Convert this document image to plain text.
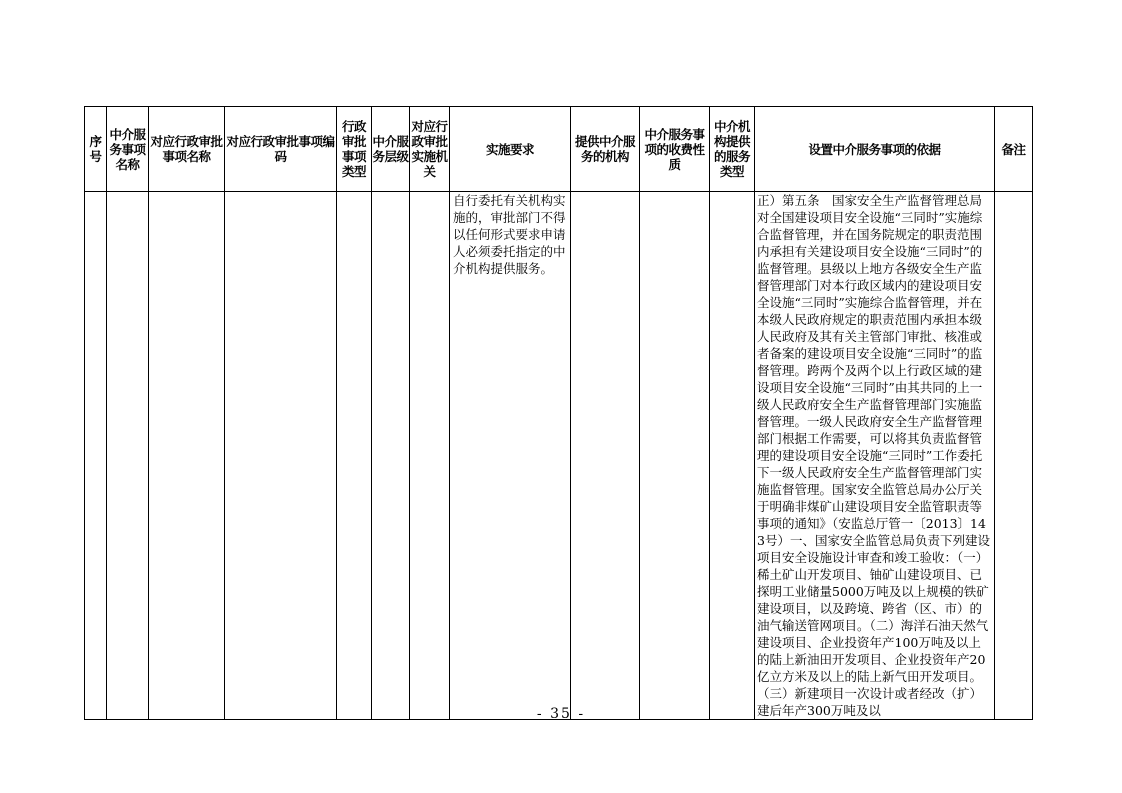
序号	中介服务事项名称	对应行政审批事项名称	对应行政审批事项编码	行政审批事项类型	中介服务层级	对应行政审批实施机关	实施要求	提供中介服务的机构	中介服务事项的收费性质	中介机构提供的服务类型	设置中介服务事项的依据	备注
							自行委托有关机构实施的，审批部门不得以任何形式要求申请人必须委托指定的中介机构提供服务。				正）第五条　国家安全生产监督管理总局对全国建设项目安全设施“三同时”实施综合监督管理，并在国务院规定的职责范围内承担有关建设项目安全设施“三同时”的监督管理。县级以上地方各级安全生产监督管理部门对本行政区域内的建设项目安全设施“三同时”实施综合监督管理，并在本级人民政府规定的职责范围内承担本级人民政府及其有关主管部门审批、核准或者备案的建设项目安全设施“三同时”的监督管理。跨两个及两个以上行政区域的建设项目安全设施“三同时”由其共同的上一级人民政府安全生产监督管理部门实施监督管理。一级人民政府安全生产监督管理部门根据工作需要，可以将其负责监督管理的建设项目安全设施“三同时”工作委托下一级人民政府安全生产监督管理部门实施监督管理。国家安全监管总局办公厅关于明确非煤矿山建设项目安全监管职责等事项的通知》（安监总厅管一〔2013〕143号）一、国家安全监管总局负责下列建设项目安全设施设计审查和竣工验收：（一）稀土矿山开发项目、铀矿山建设项目、已探明工业储量5000万吨及以上规模的铁矿建设项目，以及跨境、跨省（区、市）的油气输送管网项目。（二）海洋石油天然气建设项目、企业投资年产100万吨及以上的陆上新油田开发项目、企业投资年产20亿立方米及以上的陆上新气田开发项目。（三）新建项目一次设计或者经改（扩）建后年产300万吨及以	
- 35 -
